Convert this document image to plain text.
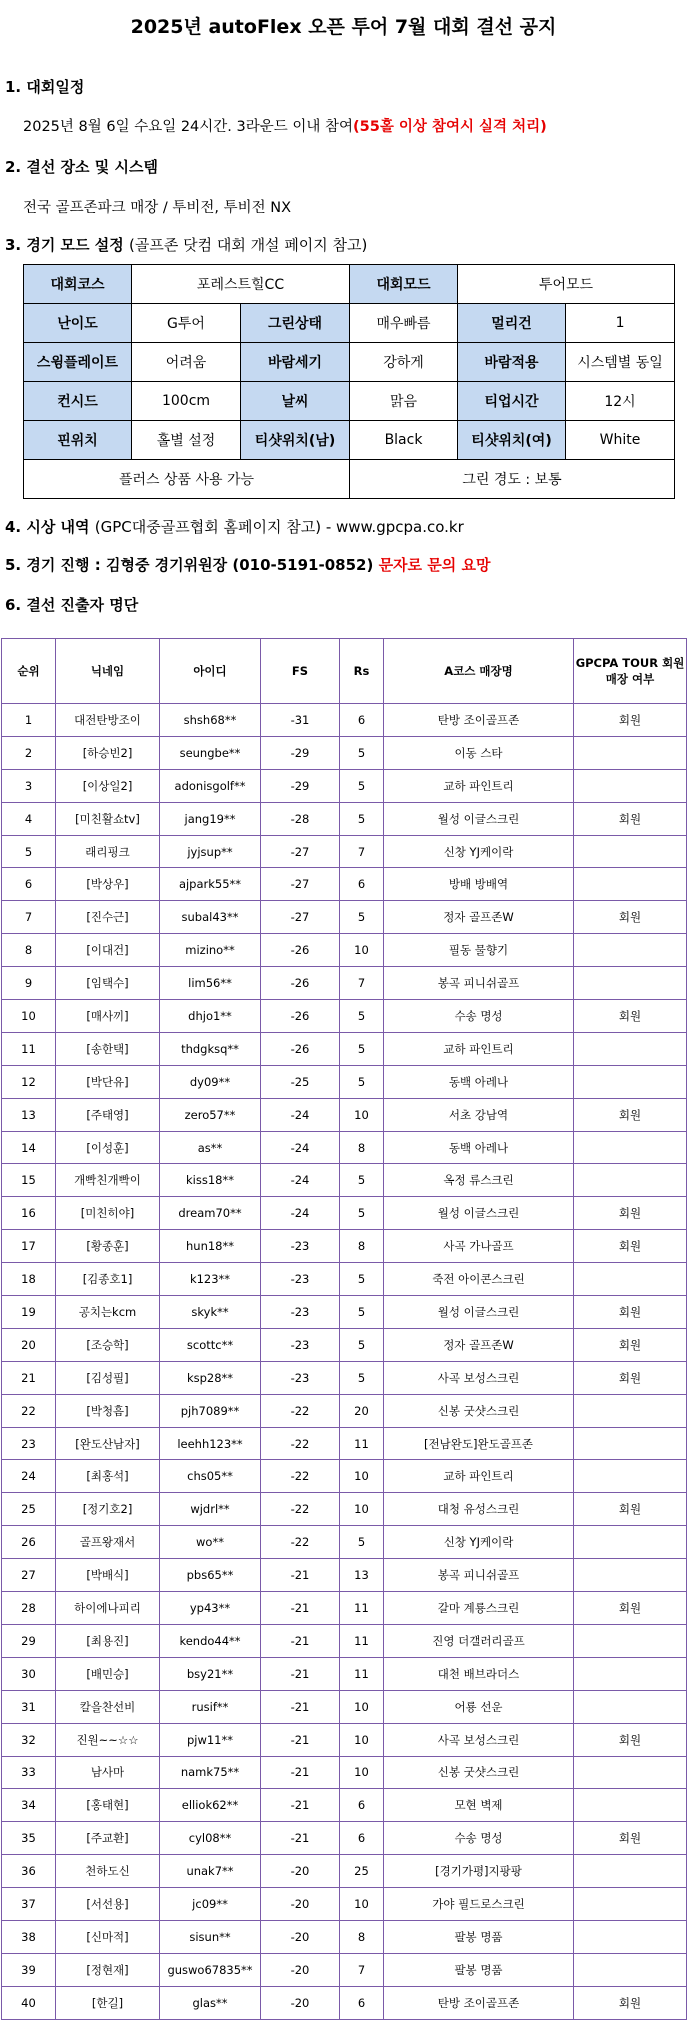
2025년 autoFlex 오픈 투어 7월 대회 결선 공지
1. 대회일정
2025년 8월 6일 수요일 24시간. 3라운드 이내 참여(55홀 이상 참여시 실격 처리)
2. 결선 장소 및 시스템
전국 골프존파크 매장 / 투비전, 투비전 NX
3. 경기 모드 설정 (골프존 닷컴 대회 개설 페이지 참고)
대회코스	포레스트힐CC		대회모드	투어모드	
난이도	G투어	그린상태	매우빠름	멀리건	1
스윙플레이트	어려움	바람세기	강하게	바람적용	시스템별 동일
컨시드	100cm	날씨	맑음	티업시간	12시
핀위치	홀별 설정	티샷위치(남)	Black	티샷위치(여)	White
플러스 상품 사용 가능			그린 경도 : 보통		
4. 시상 내역 (GPC대중골프협회 홈페이지 참고) - www.gpcpa.co.kr
5. 경기 진행 : 김형중 경기위원장 (010-5191-0852) 문자로 문의 요망
6. 결선 진출자 명단
순위	닉네임	아이디	FS	Rs	A코스 매장명	GPCPA TOUR 회원
매장 여부
1	대전탄방조이	shsh68**	-31	6	탄방 조이골프존	회원
2	[하승빈2]	seungbe**	-29	5	이동 스타	
3	[이상일2]	adonisgolf**	-29	5	교하 파인트리	
4	[미친활쇼tv]	jang19**	-28	5	월성 이글스크린	회원
5	래리핑크	jyjsup**	-27	7	신창 YJ케이락	
6	[박상우]	ajpark55**	-27	6	방배 방배역	
7	[진수근]	subal43**	-27	5	정자 골프존W	회원
8	[이대건]	mizino**	-26	10	필동 물향기	
9	[임택수]	lim56**	-26	7	봉곡 피니쉬골프	
10	[매사끼]	dhjo1**	-26	5	수송 명성	회원
11	[송한택]	thdgksq**	-26	5	교하 파인트리	
12	[박단유]	dy09**	-25	5	동백 아레나	
13	[주태영]	zero57**	-24	10	서초 강남역	회원
14	[이성훈]	as**	-24	8	동백 아레나	
15	개빡친개빡이	kiss18**	-24	5	옥정 류스크린	
16	[미친히야]	dream70**	-24	5	월성 이글스크린	회원
17	[황종훈]	hun18**	-23	8	사곡 가나골프	회원
18	[김종호1]	k123**	-23	5	죽전 아이콘스크린	
19	공치는kcm	skyk**	-23	5	월성 이글스크린	회원
20	[조승학]	scottc**	-23	5	정자 골프존W	회원
21	[김성필]	ksp28**	-23	5	사곡 보성스크린	회원
22	[박청흠]	pjh7089**	-22	20	신봉 굿샷스크린	
23	[완도산남자]	leehh123**	-22	11	[전남완도]완도골프존	
24	[최홍석]	chs05**	-22	10	교하 파인트리	
25	[정기호2]	wjdrl**	-22	10	대청 유성스크린	회원
26	골프왕재서	wo**	-22	5	신창 YJ케이락	
27	[박배식]	pbs65**	-21	13	봉곡 피니쉬골프	
28	하이에나피리	yp43**	-21	11	갈마 계룡스크린	회원
29	[최용진]	kendo44**	-21	11	진영 더갤러리골프	
30	[배민승]	bsy21**	-21	11	대천 배브라더스	
31	칼을찬선비	rusif**	-21	10	어룡 선운	
32	진원~~☆☆	pjw11**	-21	10	사곡 보성스크린	회원
33	남사마	namk75**	-21	10	신봉 굿샷스크린	
34	[홍태현]	elliok62**	-21	6	모현 벽제	
35	[주교환]	cyl08**	-21	6	수송 명성	회원
36	천하도신	unak7**	-20	25	[경기가평]지팡팡	
37	[서선용]	jc09**	-20	10	가야 필드로스크린	
38	[신마적]	sisun**	-20	8	팔봉 명품	
39	[정현재]	guswo67835**	-20	7	팔봉 명품	
40	[한길]	glas**	-20	6	탄방 조이골프존	회원
